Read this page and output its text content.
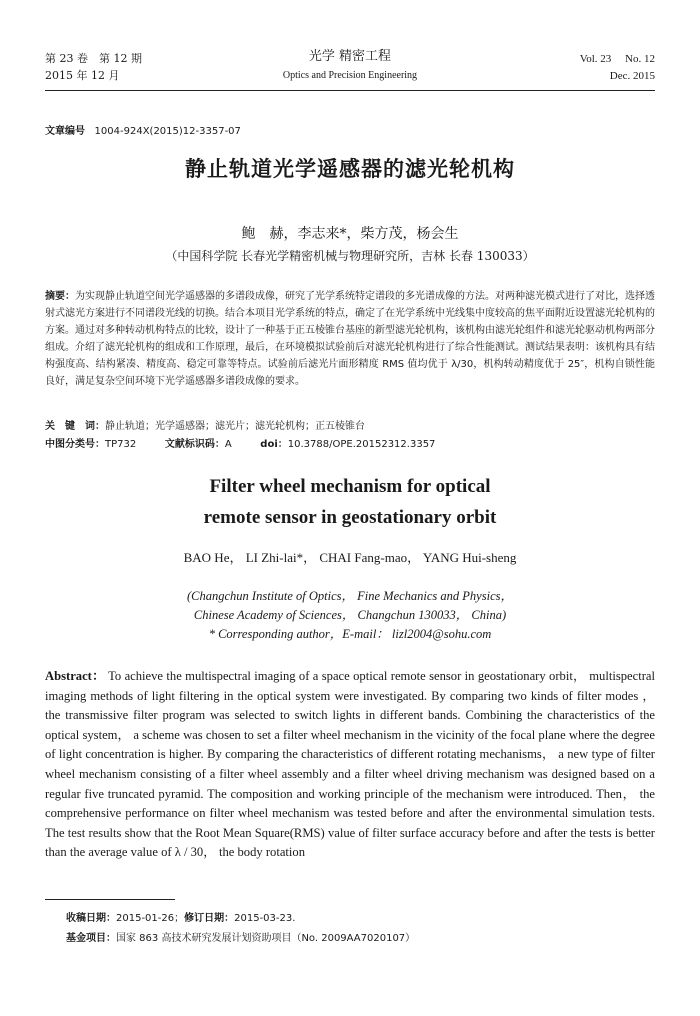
第 23 卷　第 12 期
2015 年 12 月
光学 精密工程
Optics and Precision Engineering
Vol. 23　 No. 12
Dec. 2015
文章编号 1004-924X(2015)12-3357-07
静止轨道光学遥感器的滤光轮机构
鲍　赫，李志来*，柴方茂，杨会生
（中国科学院 长春光学精密机械与物理研究所，吉林 长春 130033）
摘要：为实现静止轨道空间光学遥感器的多谱段成像，研究了光学系统特定谱段的多光谱成像的方法。对两种滤光模式进行了对比，选择透射式滤光方案进行不同谱段光线的切换。结合本项目光学系统的特点，确定了在光学系统中光线集中度较高的焦平面附近设置滤光轮机构的方案。通过对多种转动机构特点的比较，设计了一种基于正五棱锥台基座的新型滤光轮机构，该机构由滤光轮组件和滤光轮驱动机构两部分组成。介绍了滤光轮机构的组成和工作原理，最后，在环境模拟试验前后对滤光轮机构进行了综合性能测试。测试结果表明：该机构具有结构强度高、结构紧凑、精度高、稳定可靠等特点。试验前后滤光片面形精度 RMS 值均优于 λ/30，机构转动精度优于 25″，机构自锁性能良好，满足复杂空间环境下光学遥感器多谱段成像的要求。
关　键　词：静止轨道；光学遥感器；滤光片；滤光轮机构；正五棱锥台
中图分类号：TP732	文献标识码：A	doi：10.3788/OPE.20152312.3357
Filter wheel mechanism for optical
remote sensor in geostationary orbit
BAO He， LI Zhi-lai*， CHAI Fang-mao， YANG Hui-sheng
(Changchun Institute of Optics， Fine Mechanics and Physics，
Chinese Academy of Sciences， Changchun 130033， China)
* Corresponding author，E-mail： lizl2004@sohu.com
Abstract： To achieve the multispectral imaging of a space optical remote sensor in geostationary orbit， multispectral imaging methods of light filtering in the optical system were investigated. By comparing two kinds of filter modes ， the transmissive filter program was selected to switch lights in different bands. Combining the characteristics of the optical system， a scheme was chosen to set a filter wheel mechanism in the vicinity of the focal plane where the degree of light concentration is higher. By comparing the characteristics of different rotating mechanisms， a new type of filter wheel mechanism consisting of a filter wheel assembly and a filter wheel driving mechanism was designed based on a regular five truncated pyramid. The composition and working principle of the mechanism were introduced. Then， the comprehensive performance on filter wheel mechanism was tested before and after the environmental simulation tests. The test results show that the Root Mean Square(RMS) value of filter surface accuracy before and after the tests is better than the average value of λ / 30， the body rotation
收稿日期：2015-01-26；修订日期：2015-03-23.
基金项目：国家 863 高技术研究发展计划资助项目（No. 2009AA7020107）
